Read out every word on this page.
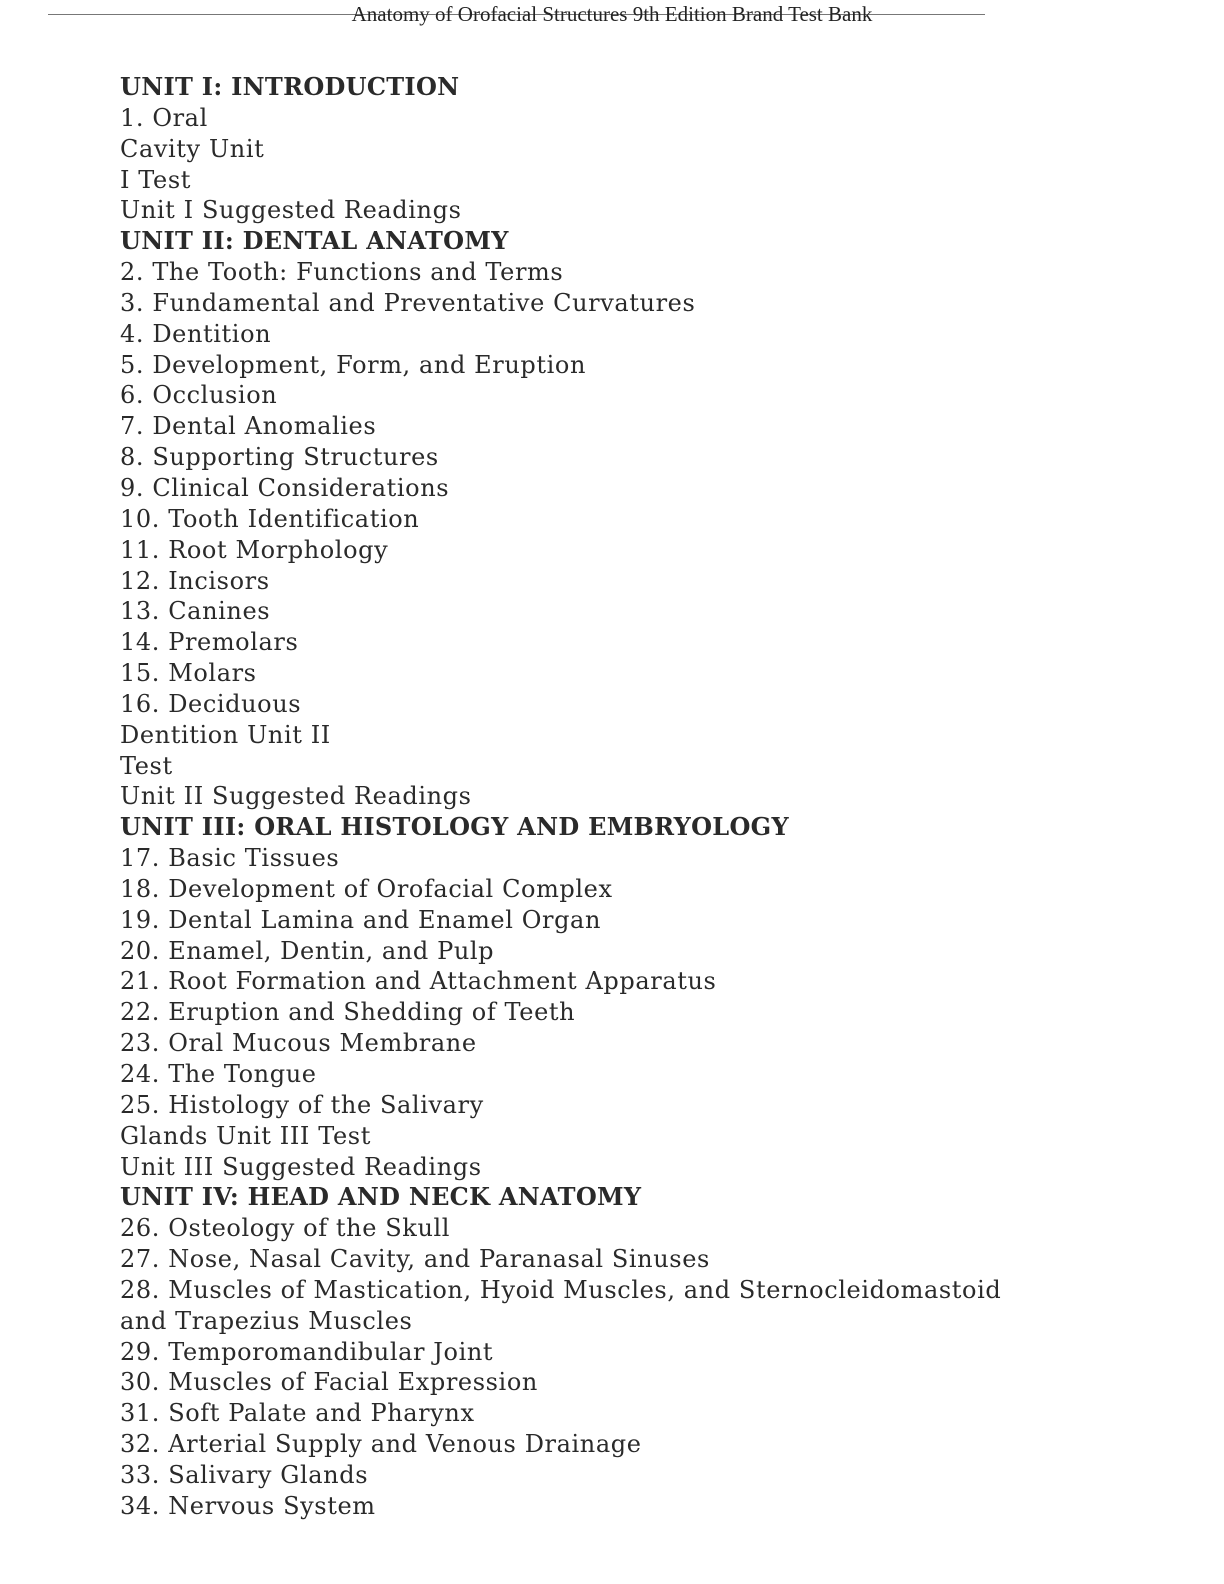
Anatomy of Orofacial Structures 9th Edition Brand Test Bank
UNIT I: INTRODUCTION
1. Oral
Cavity Unit
I Test
Unit I Suggested Readings
UNIT II: DENTAL ANATOMY
2. The Tooth: Functions and Terms
3. Fundamental and Preventative Curvatures
4. Dentition
5. Development, Form, and Eruption
6. Occlusion
7. Dental Anomalies
8. Supporting Structures
9. Clinical Considerations
10. Tooth Identification
11. Root Morphology
12. Incisors
13. Canines
14. Premolars
15. Molars
16. Deciduous
Dentition Unit II
Test
Unit II Suggested Readings
UNIT III: ORAL HISTOLOGY AND EMBRYOLOGY
17. Basic Tissues
18. Development of Orofacial Complex
19. Dental Lamina and Enamel Organ
20. Enamel, Dentin, and Pulp
21. Root Formation and Attachment Apparatus
22. Eruption and Shedding of Teeth
23. Oral Mucous Membrane
24. The Tongue
25. Histology of the Salivary
Glands Unit III Test
Unit III Suggested Readings
UNIT IV: HEAD AND NECK ANATOMY
26. Osteology of the Skull
27. Nose, Nasal Cavity, and Paranasal Sinuses
28. Muscles of Mastication, Hyoid Muscles, and Sternocleidomastoid
and Trapezius Muscles
29. Temporomandibular Joint
30. Muscles of Facial Expression
31. Soft Palate and Pharynx
32. Arterial Supply and Venous Drainage
33. Salivary Glands
34. Nervous System
